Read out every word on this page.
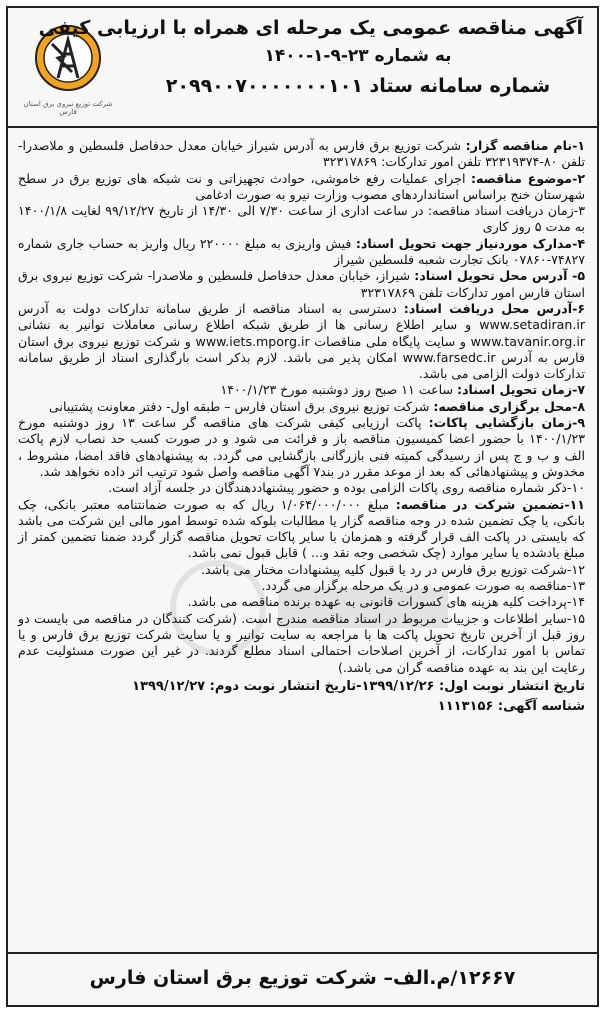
شرکت توزیع نیروی برق استان فارس
آگهی مناقصه عمومی یک مرحله ای همراه با ارزیابی کیفی
به شماره ۲۳-۹-۱-۱۴۰۰
شماره سامانه ستاد ۲۰۹۹۰۰۷۰۰۰۰۰۰۰۱۰۱

۱-نام مناقصه گزار: شرکت توزیع برق فارس به آدرس شیراز خیابان معدل حدفاصل فلسطین و ملاصدرا- تلفن ۸۰-۳۲۳۱۹۳۷۴ تلفن امور تدارکات: ۳۲۳۱۷۸۶۹

۲-موضوع مناقصه: اجرای عملیات رفع خاموشی، حوادث تجهیزاتی و نت شبکه های توزیع برق در سطح شهرستان خنج براساس استانداردهای مصوب وزارت نیرو به صورت ادغامی

۳-زمان دریافت اسناد مناقصه: در ساعت اداری از ساعت ۷/۳۰ الی ۱۴/۳۰ از تاریخ ۹۹/۱۲/۲۷ لغایت ۱۴۰۰/۱/۸ به مدت ۵ روز کاری

۴-مدارک موردنیاز جهت تحویل اسناد: فیش واریزی به مبلغ ۲۲۰۰۰۰ ریال واریز به حساب جاری شماره ۷۴۸۲۷-۰۷۸۶۰ بانک تجارت شعبه فلسطین شیراز

۵- آدرس محل تحویل اسناد: شیراز، خیابان معدل حدفاصل فلسطین و ملاصدرا- شرکت توزیع نیروی برق استان فارس امور تدارکات تلفن ۳۲۳۱۷۸۶۹

۶-آدرس محل دریافت اسناد: دسترسی به اسناد مناقصه از طریق سامانه تدارکات دولت به آدرس www.setadiran.ir و سایر اطلاع رسانی ها از طریق شبکه اطلاع رسانی معاملات توانیر به نشانی www.tavanir.org.ir و سایت پایگاه ملی مناقصات www.iets.mporg.ir و شرکت توزیع نیروی برق استان فارس به آدرس www.farsedc.ir امکان پذیر می باشد. لازم بذکر است بارگذاری اسناد از طریق سامانه تدارکات دولت الزامی می باشد.

۷-زمان تحویل اسناد: ساعت ۱۱ صبح روز دوشنبه مورخ ۱۴۰۰/۱/۲۳

۸-محل برگزاری مناقصه: شرکت توزیع نیروی برق استان فارس – طبقه اول- دفتر معاونت پشتیبانی

۹-زمان بازگشایی پاکات: پاکت ارزیابی کیفی شرکت های مناقصه گر ساعت ۱۳ روز دوشنبه مورخ ۱۴۰۰/۱/۲۳ با حضور اعضا کمیسیون مناقصه باز و قرائت می شود و در صورت کسب حد نصاب لازم پاکت الف و ب و ج پس از رسیدگی کمیته فنی بازرگانی بازگشایی می گردد. به پیشنهادهای فاقد امضا، مشروط ، مخدوش و پیشنهادهائی که بعد از موعد مقرر در بند۷ آگهی مناقصه واصل شود ترتیب اثر داده نخواهد شد.

۱۰-ذکر شماره مناقصه روی پاکات الزامی بوده و حضور پیشنهاددهندگان در جلسه آزاد است.

۱۱-تضمین شرکت در مناقصه: مبلغ ۱/۰۶۴/۰۰۰/۰۰۰ ریال که به صورت ضمانتنامه معتبر بانکی، چک بانکی، یا چک تضمین شده در وجه مناقصه گزار یا مطالبات بلوکه شده توسط امور مالی این شرکت می باشد که بایستی در پاکت الف قرار گرفته و همزمان با سایر پاکات تحویل مناقصه گزار گردد ضمنا تضمین کمتر از مبلغ یادشده یا سایر موارد (چک شخصی وجه نقد و... ) قابل قبول نمی باشد.

۱۲-شرکت توزیع برق فارس در رد یا قبول کلیه پیشنهادات مختار می باشد.

۱۳-مناقصه به صورت عمومی و در یک مرحله برگزار می گردد.

۱۴-پرداخت کلیه هزینه های کسورات قانونی به عهده برنده مناقصه می باشد.

۱۵-سایر اطلاعات و جزییات مربوط در اسناد مناقصه مندرج است. (شرکت کنندگان در مناقصه می بایست دو روز قبل از آخرین تاریخ تحویل پاکت ها با مراجعه به سایت توانیر و یا سایت شرکت توزیع برق فارس و یا تماس با امور تدارکات، از آخرین اصلاحات احتمالی اسناد مطلع گردند. در غیر این صورت مسئولیت عدم رعایت این بند به عهده مناقصه گران می باشد.)

تاریخ انتشار نوبت اول: ۱۳۹۹/۱۲/۲۶-تاریخ انتشار نوبت دوم: ۱۳۹۹/۱۲/۲۷
شناسه آگهی: ۱۱۱۳۱۵۶
۱۲۶۶۷/م.الف– شرکت توزیع برق استان فارس
